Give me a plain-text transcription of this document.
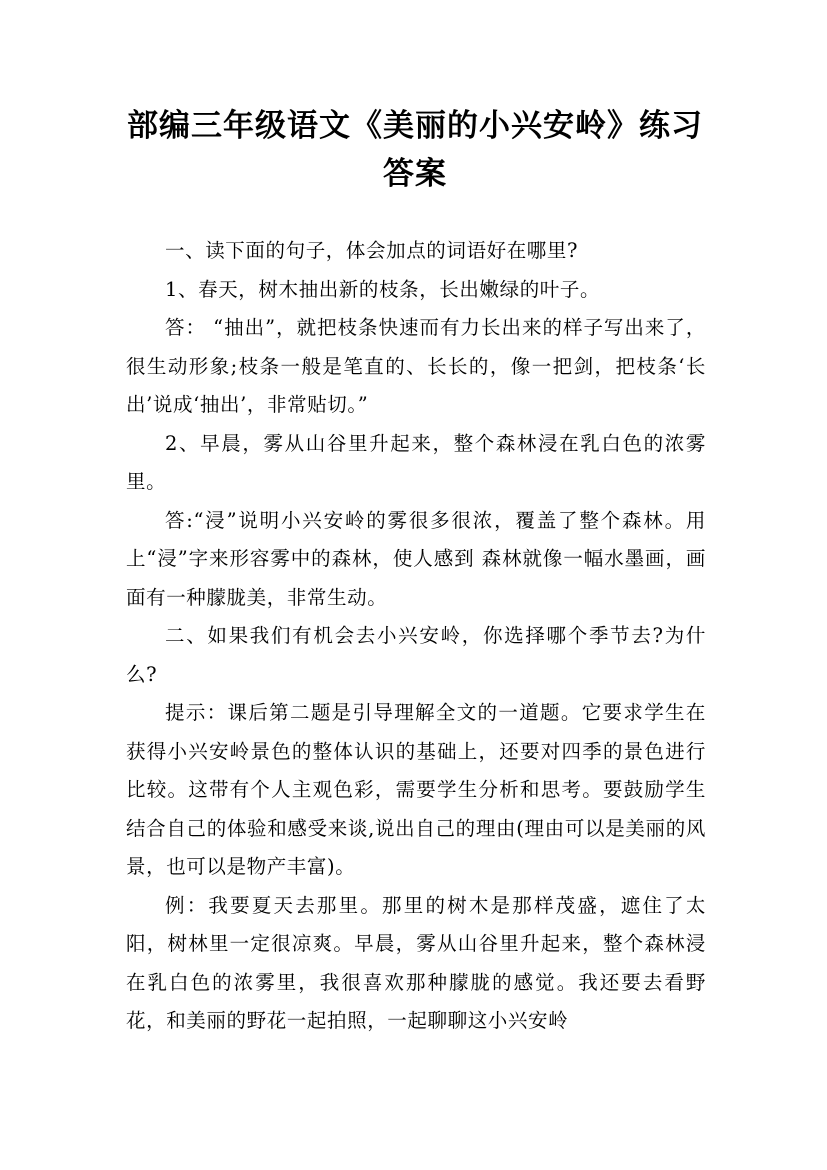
部编三年级语文《美丽的小兴安岭》练习答案

一、读下面的句子，体会加点的词语好在哪里?

1、春天，树木抽出新的枝条，长出嫩绿的叶子。

答： “抽出”，就把枝条快速而有力长出来的样子写出来了，很生动形象;枝条一般是笔直的、长长的，像一把剑，把枝条‘长出’说成‘抽出’，非常贴切。”

2、早晨，雾从山谷里升起来，整个森林浸在乳白色的浓雾里。

答:“浸”说明小兴安岭的雾很多很浓，覆盖了整个森林。用上“浸”字来形容雾中的森林，使人感到 森林就像一幅水墨画，画面有一种朦胧美，非常生动。

二、如果我们有机会去小兴安岭，你选择哪个季节去?为什么?

提示：课后第二题是引导理解全文的一道题。它要求学生在获得小兴安岭景色的整体认识的基础上，还要对四季的景色进行比较。这带有个人主观色彩，需要学生分析和思考。要鼓励学生结合自己的体验和感受来谈,说出自己的理由(理由可以是美丽的风景，也可以是物产丰富)。

例：我要夏天去那里。那里的树木是那样茂盛，遮住了太阳，树林里一定很凉爽。早晨，雾从山谷里升起来，整个森林浸在乳白色的浓雾里，我很喜欢那种朦胧的感觉。我还要去看野花，和美丽的野花一起拍照，一起聊聊这小兴安岭
